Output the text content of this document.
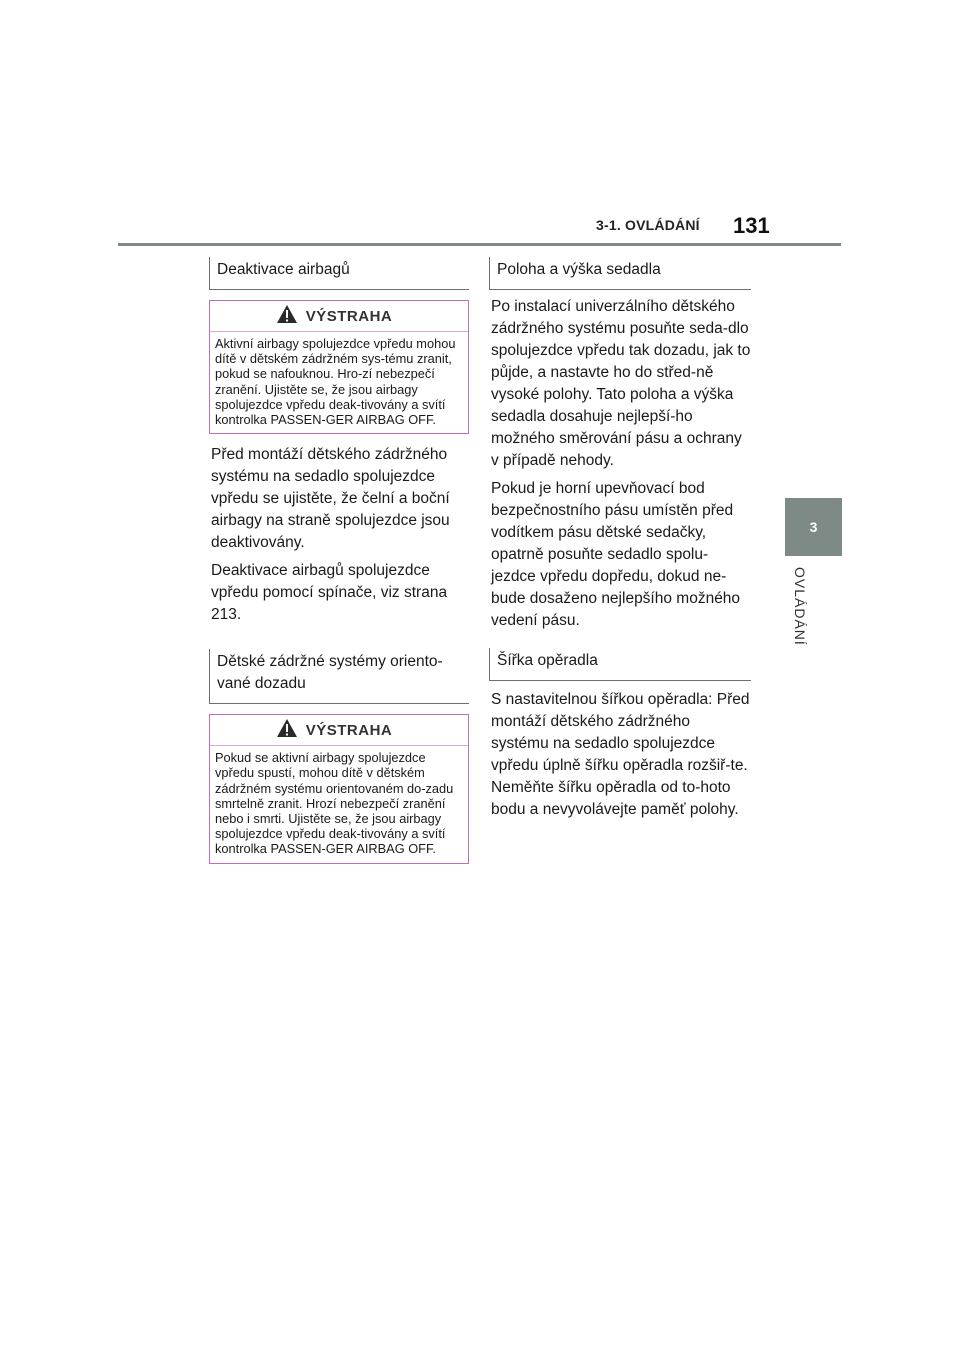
3-1. OVLÁDÁNÍ 131
3
OVLÁDÁNÍ
Deaktivace airbagů
VÝSTRAHA
Aktivní airbagy spolujezdce vpředu mohou dítě v dětském zádržném sys-tému zranit, pokud se nafouknou. Hro-zí nebezpečí zranění. Ujistěte se, že jsou airbagy spolujezdce vpředu deak-tivovány a svítí kontrolka PASSEN-GER AIRBAG OFF.

Před montáží dětského zádržného systému na sedadlo spolujezdce vpředu se ujistěte, že čelní a boční airbagy na straně spolujezdce jsou deaktivovány.

Deaktivace airbagů spolujezdce vpředu pomocí spínače, viz strana 213.

Dětské zádržné systémy oriento-vané dozadu
VÝSTRAHA
Pokud se aktivní airbagy spolujezdce vpředu spustí, mohou dítě v dětském zádržném systému orientovaném do-zadu smrtelně zranit. Hrozí nebezpečí zranění nebo i smrti. Ujistěte se, že jsou airbagy spolujezdce vpředu deak-tivovány a svítí kontrolka PASSEN-GER AIRBAG OFF.
Poloha a výška sedadla

Po instalací univerzálního dětského zádržného systému posuňte seda-dlo spolujezdce vpředu tak dozadu, jak to půjde, a nastavte ho do střed-ně vysoké polohy. Tato poloha a výška sedadla dosahuje nejlepší-ho možného směrování pásu a ochrany v případě nehody.

Pokud je horní upevňovací bod bezpečnostního pásu umístěn před vodítkem pásu dětské sedačky, opatrně posuňte sedadlo spolu-jezdce vpředu dopředu, dokud ne-bude dosaženo nejlepšího možného vedení pásu.

Šířka opěradla

S nastavitelnou šířkou opěradla: Před montáží dětského zádržného systému na sedadlo spolujezdce vpředu úplně šířku opěradla rozšiř-te. Neměňte šířku opěradla od to-hoto bodu a nevyvolávejte paměť polohy.
